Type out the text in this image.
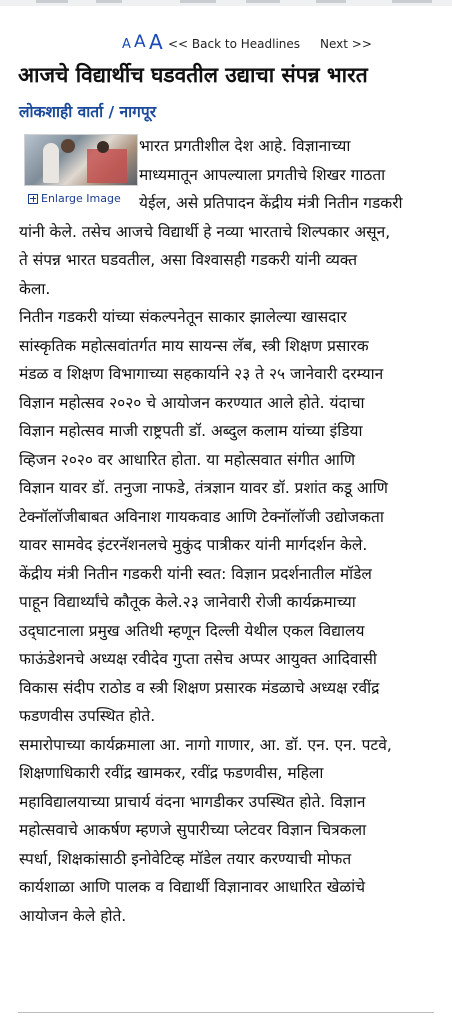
A A A << Back to Headlines Next >>
आजचे विद्यार्थीच घडवतील उद्याचा संपन्न भारत
लोकशाही वार्ता / नागपूर
Enlarge Image
भारत प्रगतीशील देश आहे. विज्ञानाच्या
माध्यमातून आपल्याला प्रगतीचे शिखर गाठता
येईल, असे प्रतिपादन केंद्रीय मंत्री नितीन गडकरी
यांनी केले. तसेच आजचे विद्यार्थी हे नव्या भारताचे शिल्पकार असून,
ते संपन्न भारत घडवतील, असा विश्वासही गडकरी यांनी व्यक्त
केला.
नितीन गडकरी यांच्या संकल्पनेतून साकार झालेल्या खासदार
सांस्कृतिक महोत्सवांतर्गत माय सायन्स लॅब, स्त्री शिक्षण प्रसारक
मंडळ व शिक्षण विभागाच्या सहकार्याने २३ ते २५ जानेवारी दरम्यान
विज्ञान महोत्सव २०२० चे आयोजन करण्यात आले होते. यंदाचा
विज्ञान महोत्सव माजी राष्ट्रपती डॉ. अब्दुल कलाम यांच्या इंडिया
व्हिजन २०२० वर आधारित होता. या महोत्सवात संगीत आणि
विज्ञान यावर डॉ. तनुजा नाफडे, तंत्रज्ञान यावर डॉ. प्रशांत कडू आणि
टेक्नॉलॉजीबाबत अविनाश गायकवाड आणि टेक्नॉलॉजी उद्योजकता
यावर सामवेद इंटरनॅशनलचे मुकुंद पात्रीकर यांनी मार्गदर्शन केले.
केंद्रीय मंत्री नितीन गडकरी यांनी स्वत: विज्ञान प्रदर्शनातील मॉडेल
पाहून विद्यार्थ्यांचे कौतूक केले.२३ जानेवारी रोजी कार्यक्रमाच्या
उद्‌घाटनाला प्रमुख अतिथी म्हणून दिल्ली येथील एकल विद्यालय
फाऊंडेशनचे अध्यक्ष रवीदेव गुप्ता तसेच अप्पर आयुक्त आदिवासी
विकास संदीप राठोड व स्त्री शिक्षण प्रसारक मंडळाचे अध्यक्ष रवींद्र
फडणवीस उपस्थित होते.
समारोपाच्या कार्यक्रमाला आ. नागो गाणार, आ. डॉ. एन. एन. पटवे,
शिक्षणाधिकारी रवींद्र खामकर, रवींद्र फडणवीस, महिला
महाविद्यालयाच्या प्राचार्य वंदना भागडीकर उपस्थित होते. विज्ञान
महोत्सवाचे आकर्षण म्हणजे सुपारीच्या प्लेटवर विज्ञान चित्रकला
स्पर्धा, शिक्षकांसाठी इनोवेटिव्ह मॉडेल तयार करण्याची मोफत
कार्यशाळा आणि पालक व विद्यार्थी विज्ञानावर आधारित खेळांचे
आयोजन केले होते.
